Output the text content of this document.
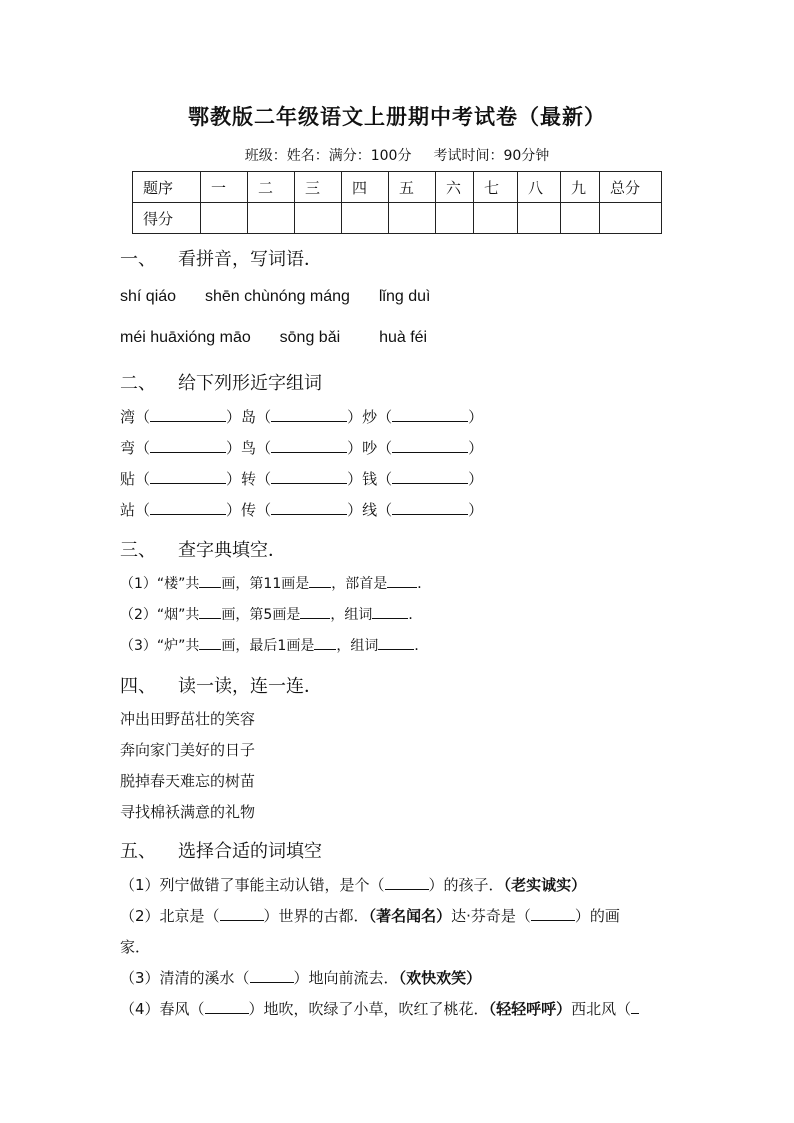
鄂教版二年级语文上册期中考试卷（最新）
班级：姓名：满分：100分 考试时间：90分钟
题序	一	二	三	四	五	六	七	八	九	总分
得分										
一、 看拼音，写词语．
shí qiáo shēn chùnóng máng lǐng duì
méi huāxióng māo sōng bǎi huà féi
二、 给下列形近字组词
湾（	）岛（	）炒（	）
弯（	）鸟（	）吵（	）
贴（	）转（	）钱（	）
站（	）传（	）线（	）
三、 查字典填空．
（1）“楼”共 画，第11画是 ，部首是 ．
（2）“烟”共 画，第5画是 ，组词	．
（3）“炉”共 画，最后1画是 ，组词	．
四、 读一读，连一连．
冲出田野茁壮的笑容
奔向家门美好的日子
脱掉春天难忘的树苗
寻找棉袄满意的礼物
五、 选择合适的词填空
（1）列宁做错了事能主动认错，是个（	）的孩子．（老实诚实）
（2）北京是（	）世界的古都．（著名闻名）达·芬奇是（	）的画
家．
（3）清清的溪水（	）地向前流去．（欢快欢笑）
（4）春风（	）地吹，吹绿了小草，吹红了桃花．（轻轻呼呼）西北风（
